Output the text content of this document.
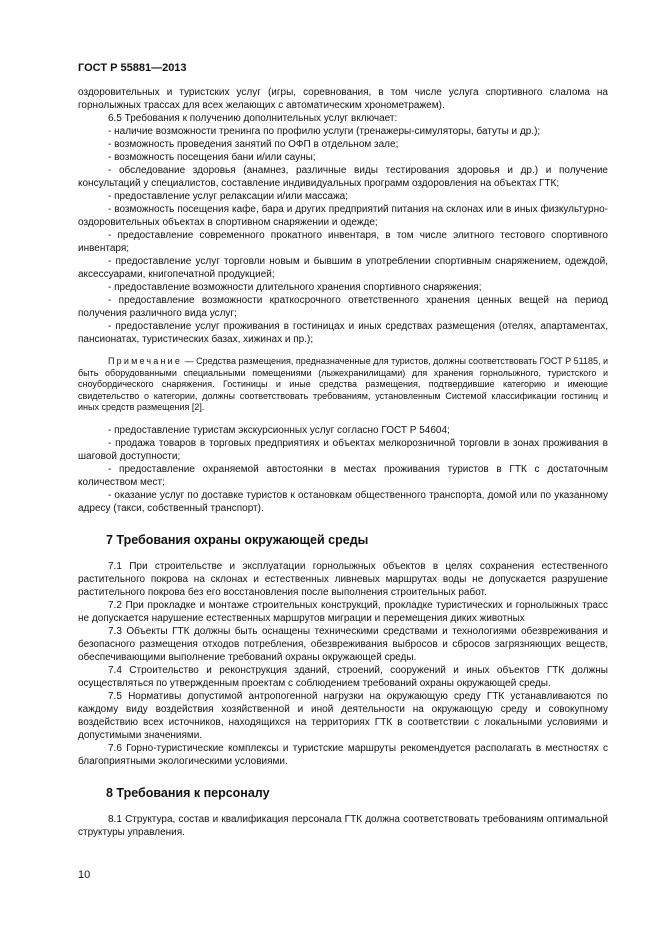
ГОСТ Р 55881—2013

оздоровительных и туристских услуг (игры, соревнования, в том числе услуга спортивного слалома на горнолыжных трассах для всех желающих с автоматическим хронометражем).

6.5 Требования к получению дополнительных услуг включает:

- наличие возможности тренинга по профилю услуги (тренажеры-симуляторы, батуты и др.);

- возможность проведения занятий по ОФП в отдельном зале;

- возможность посещения бани и/или сауны;

- обследование здоровья (анамнез, различные виды тестирования здоровья и др.) и получение консультаций у специалистов, составление индивидуальных программ оздоровления на объектах ГТК;

- предоставление услуг релаксации и/или массажа;

- возможность посещения кафе, бара и других предприятий питания на склонах или в иных физкультурно-оздоровительных объектах в спортивном снаряжении и одежде;

- предоставление современного прокатного инвентаря, в том числе элитного тестового спортивного инвентаря;

- предоставление услуг торговли новым и бывшим в употреблении спортивным снаряжением, одеждой, аксессуарами, книгопечатной продукцией;

- предоставление возможности длительного хранения спортивного снаряжения;

- предоставление возможности краткосрочного ответственного хранения ценных вещей на период получения различного вида услуг;

- предоставление услуг проживания в гостиницах и иных средствах размещения (отелях, апартаментах, пансионатах, туристических базах, хижинах и пр.);

Примечание — Средства размещения, предназначенные для туристов, должны соответствовать ГОСТ Р 51185, и быть оборудованными специальными помещениями (лыжехранилищами) для хранения горнолыжного, туристского и сноубордического снаряжения. Гостиницы и иные средства размещения, подтвердившие категорию и имеющие свидетельство о категории, должны соответствовать требованиям, установленным Системой классификации гостиниц и иных средств размещения [2].

- предоставление туристам экскурсионных услуг согласно ГОСТ Р 54604;

- продажа товаров в торговых предприятиях и объектах мелкорозничной торговли в зонах проживания в шаговой доступности;

- предоставление охраняемой автостоянки в местах проживания туристов в ГТК с достаточным количеством мест;

- оказание услуг по доставке туристов к остановкам общественного транспорта, домой или по указанному адресу (такси, собственный транспорт).

7 Требования охраны окружающей среды

7.1 При строительстве и эксплуатации горнолыжных объектов в целях сохранения естественного растительного покрова на склонах и естественных ливневых маршрутах воды не допускается разрушение растительного покрова без его восстановления после выполнения строительных работ.

7.2 При прокладке и монтаже строительных конструкций, прокладке туристических и горнолыжных трасс не допускается нарушение естественных маршрутов миграции и перемещения диких животных

7.3 Объекты ГТК должны быть оснащены техническими средствами и технологиями обезвреживания и безопасного размещения отходов потребления, обезвреживания выбросов и сбросов загрязняющих веществ, обеспечивающими выполнение требований охраны окружающей среды.

7.4 Строительство и реконструкция зданий, строений, сооружений и иных объектов ГТК должны осуществляться по утвержденным проектам с соблюдением требований охраны окружающей среды.

7.5 Нормативы допустимой антропогенной нагрузки на окружающую среду ГТК устанавливаются по каждому виду воздействия хозяйственной и иной деятельности на окружающую среду и совокупному воздействию всех источников, находящихся на территориях ГТК в соответствии с локальными условиями и допустимыми значениями.

7.6 Горно-туристические комплексы и туристские маршруты рекомендуется располагать в местностях с благоприятными экологическими условиями.

8 Требования к персоналу

8.1 Структура, состав и квалификация персонала ГТК должна соответствовать требованиям оптимальной структуры управления.

10
